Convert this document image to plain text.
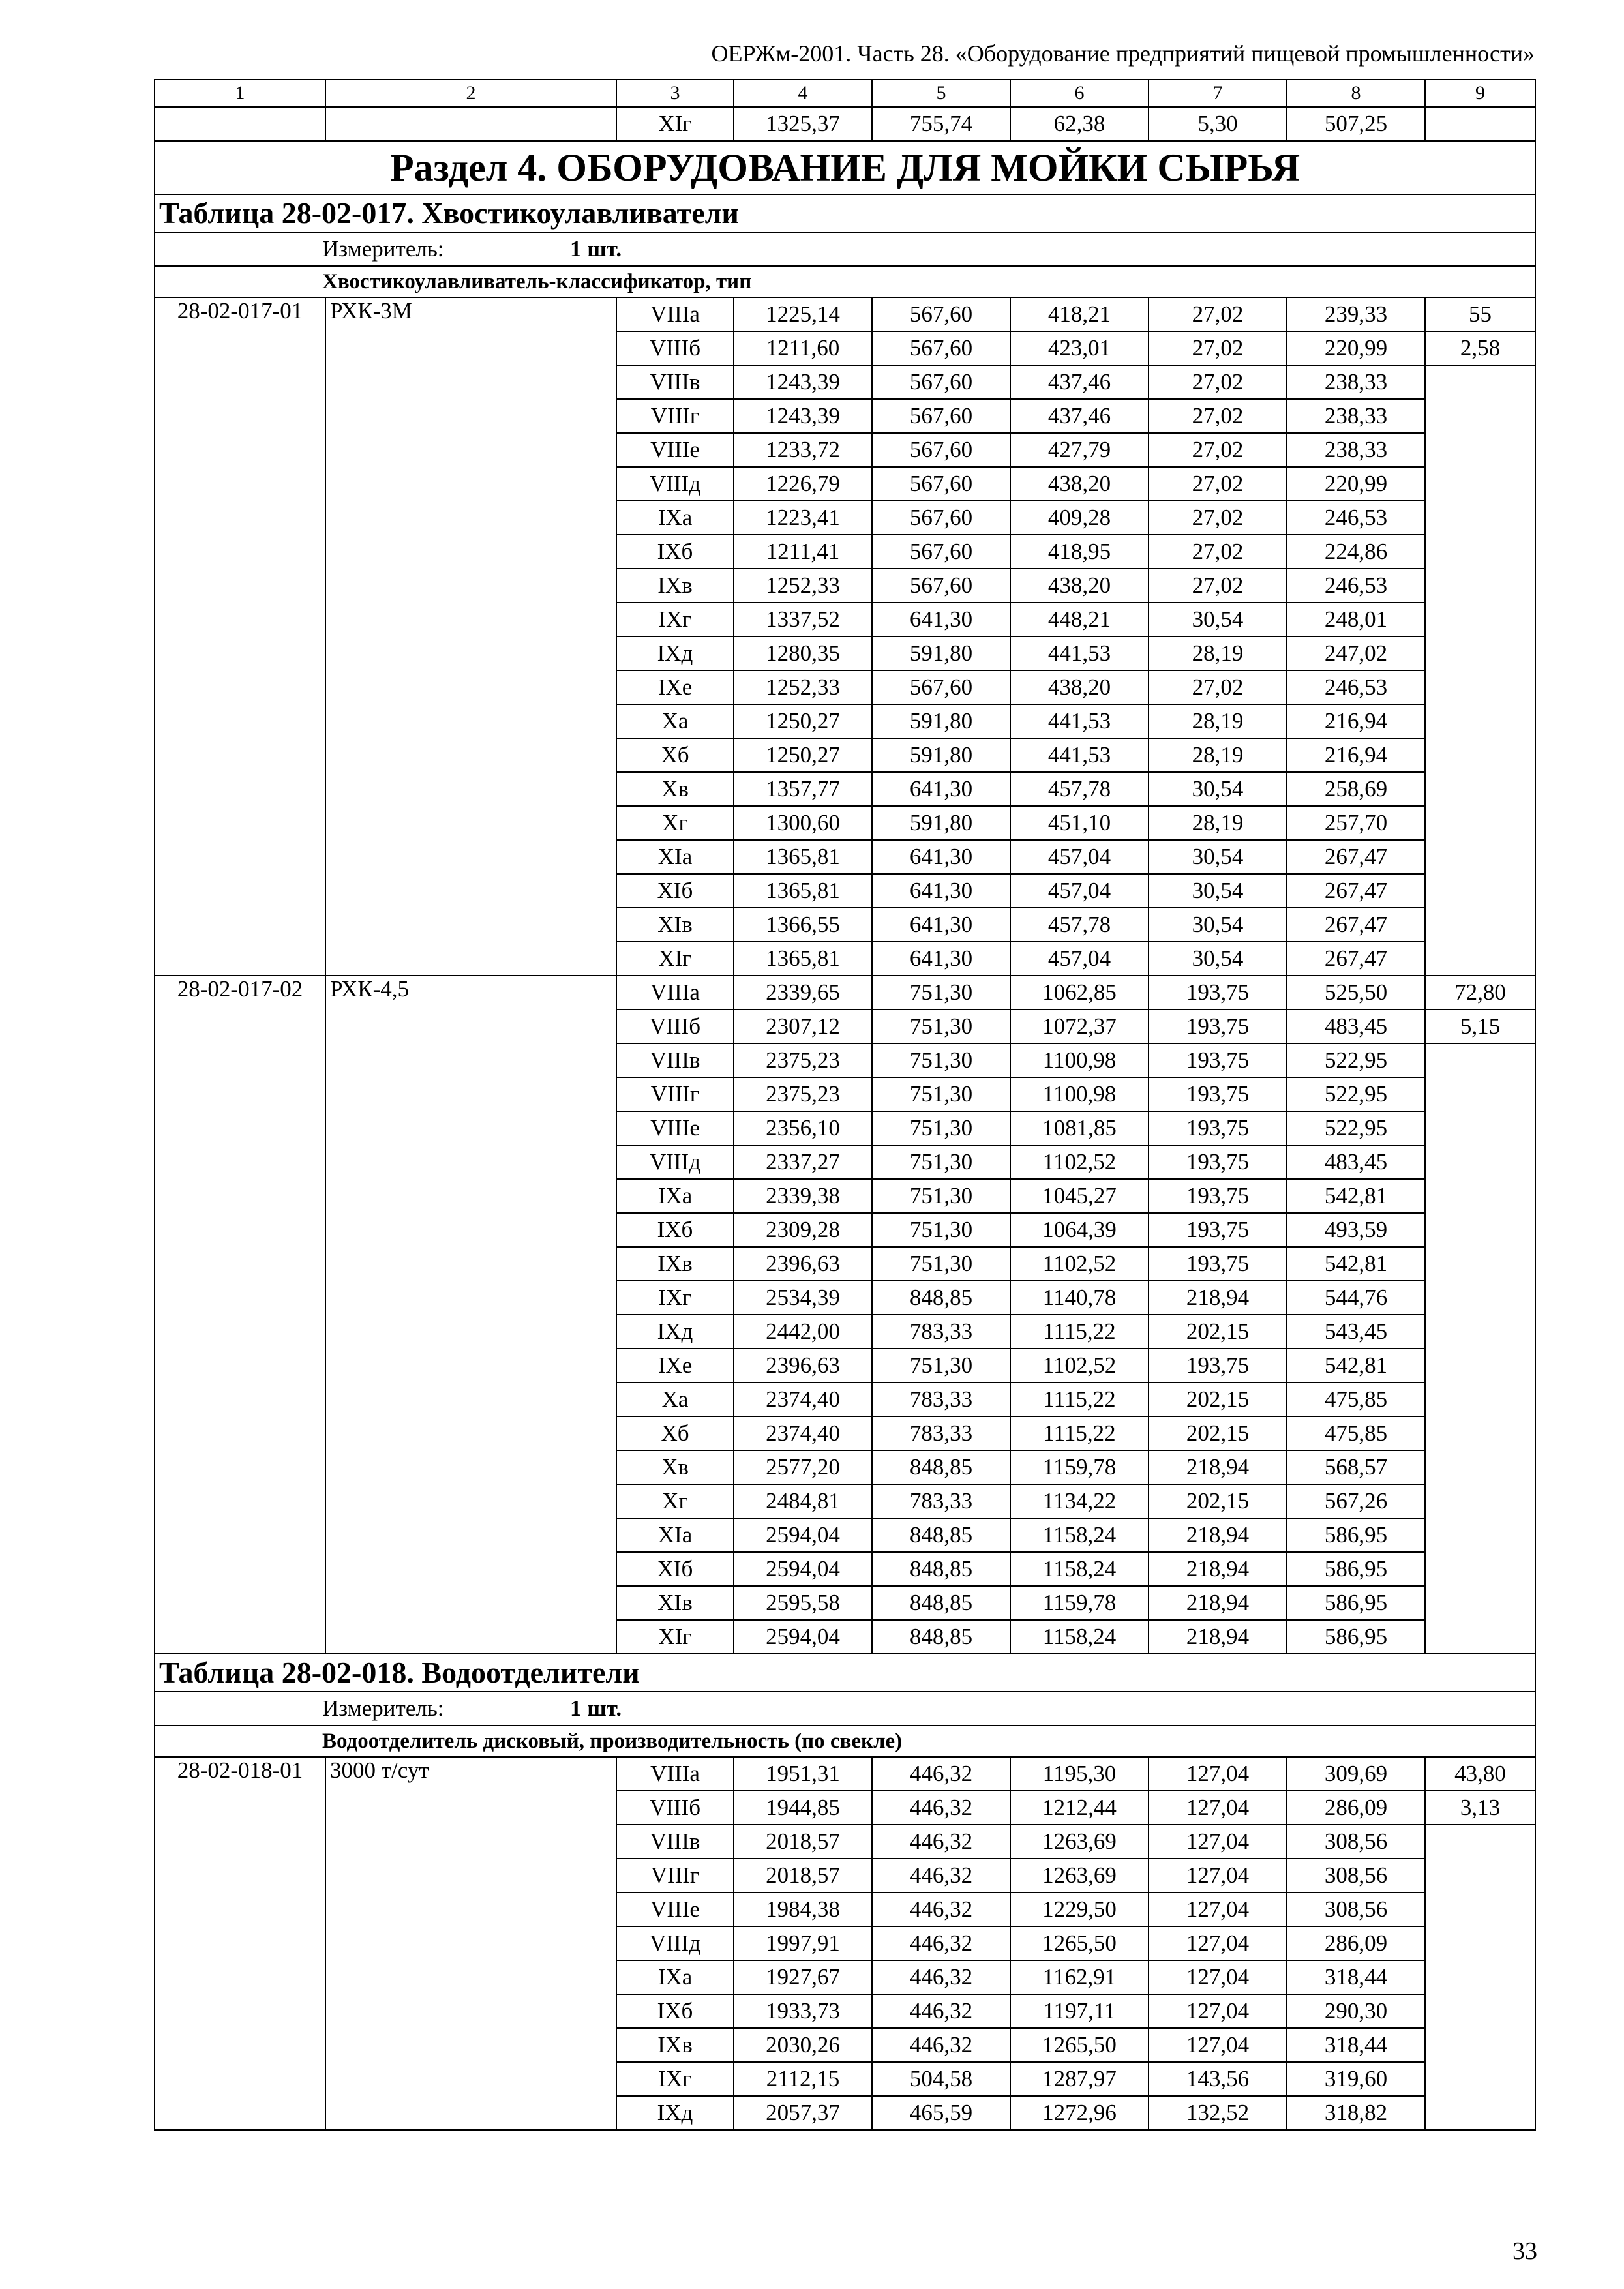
ОЕРЖм-2001. Часть 28. «Оборудование предприятий пищевой промышленности»
1	2	3	4	5	6	7	8	9
		XIг	1325,37	755,74	62,38	5,30	507,25	
Раздел 4. ОБОРУДОВАНИЕ ДЛЯ МОЙКИ СЫРЬЯ								
Таблица 28-02-017. Хвостикоулавливатели								
Измеритель: 1 шт.								
Хвостикоулавливатель-классификатор, тип								
28-02-017-01	РХК-3М	VIIIа	1225,14	567,60	418,21	27,02	239,33	55
		VIIIб	1211,60	567,60	423,01	27,02	220,99	2,58
		VIIIв	1243,39	567,60	437,46	27,02	238,33	
		VIIIг	1243,39	567,60	437,46	27,02	238,33	
		VIIIе	1233,72	567,60	427,79	27,02	238,33	
		VIIIд	1226,79	567,60	438,20	27,02	220,99	
		IXа	1223,41	567,60	409,28	27,02	246,53	
		IXб	1211,41	567,60	418,95	27,02	224,86	
		IXв	1252,33	567,60	438,20	27,02	246,53	
		IXг	1337,52	641,30	448,21	30,54	248,01	
		IXд	1280,35	591,80	441,53	28,19	247,02	
		IXе	1252,33	567,60	438,20	27,02	246,53	
		Xа	1250,27	591,80	441,53	28,19	216,94	
		Xб	1250,27	591,80	441,53	28,19	216,94	
		Xв	1357,77	641,30	457,78	30,54	258,69	
		Xг	1300,60	591,80	451,10	28,19	257,70	
		XIа	1365,81	641,30	457,04	30,54	267,47	
		XIб	1365,81	641,30	457,04	30,54	267,47	
		XIв	1366,55	641,30	457,78	30,54	267,47	
		XIг	1365,81	641,30	457,04	30,54	267,47	
28-02-017-02	РХК-4,5	VIIIа	2339,65	751,30	1062,85	193,75	525,50	72,80
		VIIIб	2307,12	751,30	1072,37	193,75	483,45	5,15
		VIIIв	2375,23	751,30	1100,98	193,75	522,95	
		VIIIг	2375,23	751,30	1100,98	193,75	522,95	
		VIIIе	2356,10	751,30	1081,85	193,75	522,95	
		VIIIд	2337,27	751,30	1102,52	193,75	483,45	
		IXа	2339,38	751,30	1045,27	193,75	542,81	
		IXб	2309,28	751,30	1064,39	193,75	493,59	
		IXв	2396,63	751,30	1102,52	193,75	542,81	
		IXг	2534,39	848,85	1140,78	218,94	544,76	
		IXд	2442,00	783,33	1115,22	202,15	543,45	
		IXе	2396,63	751,30	1102,52	193,75	542,81	
		Xа	2374,40	783,33	1115,22	202,15	475,85	
		Xб	2374,40	783,33	1115,22	202,15	475,85	
		Xв	2577,20	848,85	1159,78	218,94	568,57	
		Xг	2484,81	783,33	1134,22	202,15	567,26	
		XIа	2594,04	848,85	1158,24	218,94	586,95	
		XIб	2594,04	848,85	1158,24	218,94	586,95	
		XIв	2595,58	848,85	1159,78	218,94	586,95	
		XIг	2594,04	848,85	1158,24	218,94	586,95	
Таблица 28-02-018. Водоотделители								
Измеритель: 1 шт.								
Водоотделитель дисковый, производительность (по свекле)								
28-02-018-01	3000 т/сут	VIIIа	1951,31	446,32	1195,30	127,04	309,69	43,80
		VIIIб	1944,85	446,32	1212,44	127,04	286,09	3,13
		VIIIв	2018,57	446,32	1263,69	127,04	308,56	
		VIIIг	2018,57	446,32	1263,69	127,04	308,56	
		VIIIе	1984,38	446,32	1229,50	127,04	308,56	
		VIIIд	1997,91	446,32	1265,50	127,04	286,09	
		IXа	1927,67	446,32	1162,91	127,04	318,44	
		IXб	1933,73	446,32	1197,11	127,04	290,30	
		IXв	2030,26	446,32	1265,50	127,04	318,44	
		IXг	2112,15	504,58	1287,97	143,56	319,60	
		IXд	2057,37	465,59	1272,96	132,52	318,82	
33
